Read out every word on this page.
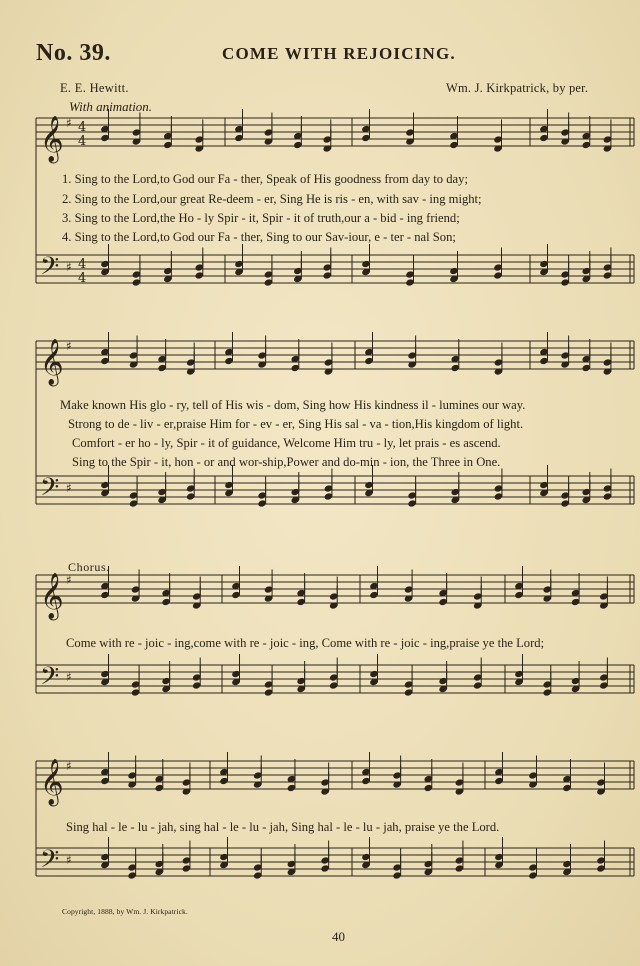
𝄞 ♯ 4
4
𝄢 ♯ 4
4
𝄞 ♯
𝄢 ♯
𝄞 ♯
𝄢 ♯
𝄞 ♯
𝄢 ♯
No. 39.	COME WITH REJOICING.
E. E. Hewitt.	Wm. J. Kirkpatrick, by per.
With animation.
1. Sing to the Lord,to God our Fa - ther, Speak of His goodness from day to day;
2. Sing to the Lord,our great Re-deem - er, Sing He is ris - en, with sav - ing might;
3. Sing to the Lord,the Ho - ly Spir - it, Spir - it of truth,our a - bid - ing friend;
4. Sing to the Lord,to God our Fa - ther, Sing to our Sav-iour, e - ter - nal Son;
Make known His glo - ry, tell of His wis - dom, Sing how His kindness il - lumines our way.
Strong to de - liv - er,praise Him for - ev - er, Sing His sal - va - tion,His kingdom of light.
Comfort - er ho - ly, Spir - it of guidance, Welcome Him tru - ly, let prais - es ascend.
Sing to the Spir - it, hon - or and wor-ship,Power and do-min - ion, the Three in One.
Chorus.
Come with re - joic - ing,come with re - joic - ing, Come with re - joic - ing,praise ye the Lord;
Sing hal - le - lu - jah, sing hal - le - lu - jah, Sing hal - le - lu - jah, praise ye the Lord.
Copyright, 1888, by Wm. J. Kirkpatrick.
40
